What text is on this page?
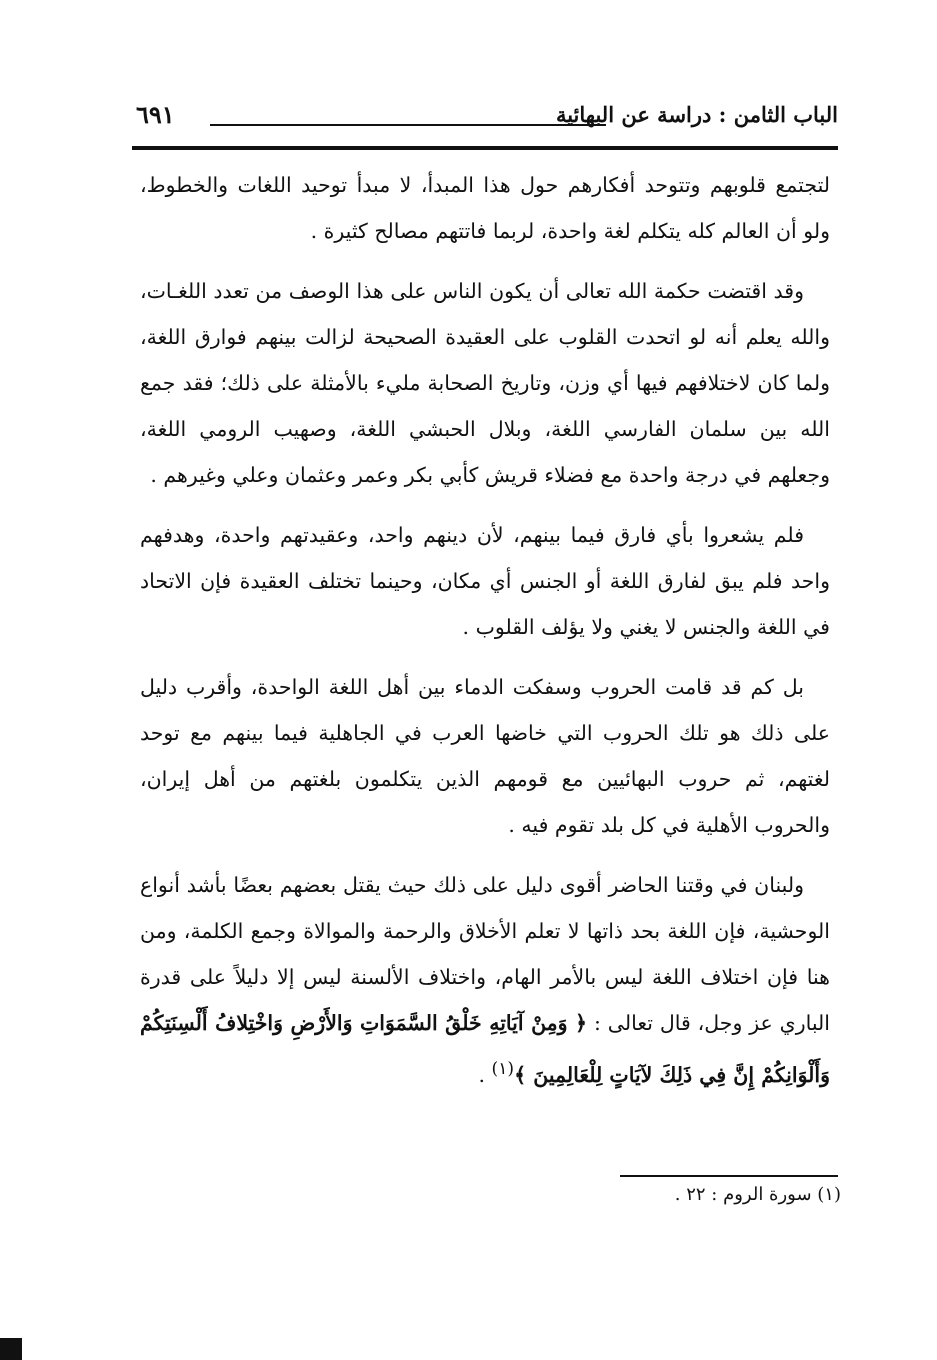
الباب الثامن : دراسة عن البهائية
٦٩١

لتجتمع قلوبهم وتتوحد أفكارهم حول هذا المبدأ، لا مبدأ توحيد اللغات والخطوط، ولو أن العالم كله يتكلم لغة واحدة، لربما فاتتهم مصالح كثيرة .

وقد اقتضت حكمة الله تعالى أن يكون الناس على هذا الوصف من تعدد اللغـات، والله يعلم أنه لو اتحدت القلوب على العقيدة الصحيحة لزالت بينهم فوارق اللغة، ولما كان لاختلافهم فيها أي وزن، وتاريخ الصحابة مليء بالأمثلة على ذلك؛ فقد جمع الله بين سلمان الفارسي اللغة، وبلال الحبشي اللغة، وصهيب الرومي اللغة، وجعلهم في درجة واحدة مع فضلاء قريش كأبي بكر وعمر وعثمان وعلي وغيرهم .

فلم يشعروا بأي فارق فيما بينهم، لأن دينهم واحد، وعقيدتهم واحدة، وهدفهم واحد فلم يبق لفارق اللغة أو الجنس أي مكان، وحينما تختلف العقيدة فإن الاتحاد في اللغة والجنس لا يغني ولا يؤلف القلوب .

بل كم قد قامت الحروب وسفكت الدماء بين أهل اللغة الواحدة، وأقرب دليل على ذلك هو تلك الحروب التي خاضها العرب في الجاهلية فيما بينهم مع توحد لغتهم، ثم حروب البهائيين مع قومهم الذين يتكلمون بلغتهم من أهل إيران، والحروب الأهلية في كل بلد تقوم فيه .

ولبنان في وقتنا الحاضر أقوى دليل على ذلك حيث يقتل بعضهم بعضًا بأشد أنواع الوحشية، فإن اللغة بحد ذاتها لا تعلم الأخلاق والرحمة والموالاة وجمع الكلمة، ومن هنا فإن اختلاف اللغة ليس بالأمر الهام، واختلاف الألسنة ليس إلا دليلاً على قدرة الباري عز وجل، قال تعالى : ﴿ وَمِنْ آيَاتِهِ خَلْقُ السَّمَوَاتِ وَالأَرْضِ وَاخْتِلافُ أَلْسِنَتِكُمْ وَأَلْوَانِكُمْ إِنَّ فِي ذَلِكَ لآيَاتٍ لِلْعَالِمِينَ ﴾$^{(١)}$ .

(١) سورة الروم : ٢٢ .
